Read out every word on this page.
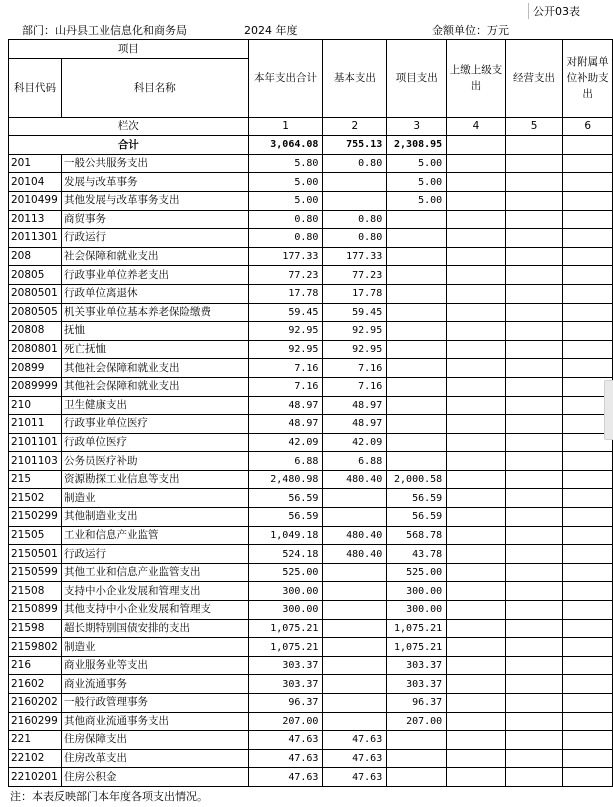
公开03表
部门：山丹县工业信息化和商务局	2024 年度	金额单位：万元
项目		本年支出合计	基本支出	项目支出	上缴上级支出	经营支出	对附属单位补助支出
科目代码	科目名称						
栏次		1	2	3	4	5	6
合计		3,064.08	755.13	2,308.95			
201	一般公共服务支出	5.80	0.80	5.00			
20104	发展与改革事务	5.00		5.00			
2010499	其他发展与改革事务支出	5.00		5.00			
20113	商贸事务	0.80	0.80				
2011301	行政运行	0.80	0.80				
208	社会保障和就业支出	177.33	177.33				
20805	行政事业单位养老支出	77.23	77.23				
2080501	行政单位离退休	17.78	17.78				
2080505	机关事业单位基本养老保险缴费	59.45	59.45				
20808	抚恤	92.95	92.95				
2080801	死亡抚恤	92.95	92.95				
20899	其他社会保障和就业支出	7.16	7.16				
2089999	其他社会保障和就业支出	7.16	7.16				
210	卫生健康支出	48.97	48.97				
21011	行政事业单位医疗	48.97	48.97				
2101101	行政单位医疗	42.09	42.09				
2101103	公务员医疗补助	6.88	6.88				
215	资源勘探工业信息等支出	2,480.98	480.40	2,000.58			
21502	制造业	56.59		56.59			
2150299	其他制造业支出	56.59		56.59			
21505	工业和信息产业监管	1,049.18	480.40	568.78			
2150501	行政运行	524.18	480.40	43.78			
2150599	其他工业和信息产业监管支出	525.00		525.00			
21508	支持中小企业发展和管理支出	300.00		300.00			
2150899	其他支持中小企业发展和管理支	300.00		300.00			
21598	超长期特别国债安排的支出	1,075.21		1,075.21			
2159802	制造业	1,075.21		1,075.21			
216	商业服务业等支出	303.37		303.37			
21602	商业流通事务	303.37		303.37			
2160202	一般行政管理事务	96.37		96.37			
2160299	其他商业流通事务支出	207.00		207.00			
221	住房保障支出	47.63	47.63				
22102	住房改革支出	47.63	47.63				
2210201	住房公积金	47.63	47.63				
注：本表反映部门本年度各项支出情况。
